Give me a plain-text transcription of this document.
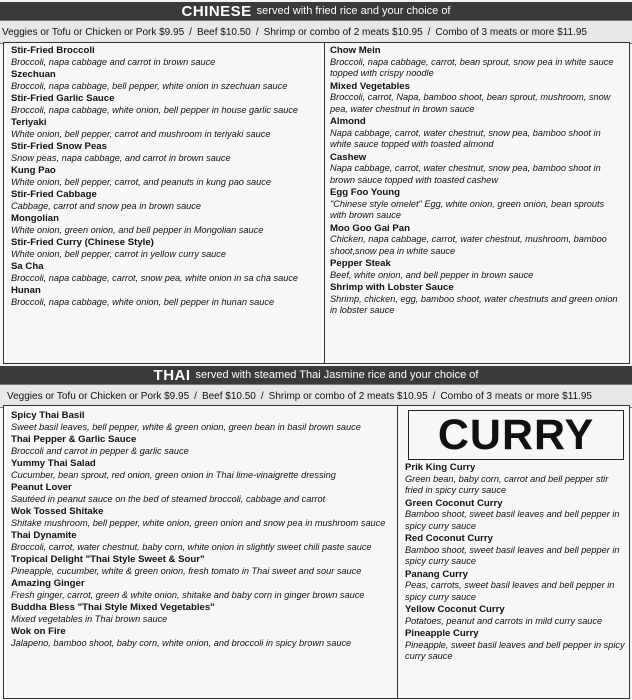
CHINESE served with fried rice and your choice of
Veggies or Tofu or Chicken or Pork $9.95 / Beef $10.50 / Shrimp or combo of 2 meats $10.95 / Combo of 3 meats or more $11.95
Stir-Fried Broccoli
Broccoli, napa cabbage and carrot in brown sauce
Szechuan
Broccoli, napa cabbage, bell pepper, white onion in szechuan sauce
Stir-Fried Garlic Sauce
Broccoli, napa cabbage, white onion, bell pepper in house garlic sauce
Teriyaki
White onion, bell pepper, carrot and mushroom in teriyaki sauce
Stir-Fried Snow Peas
Snow peas, napa cabbage, and carrot in brown sauce
Kung Pao
White onion, bell pepper, carrot, and peanuts in kung pao sauce
Stir-Fried Cabbage
Cabbage, carrot and snow pea in brown sauce
Mongolian
White onion, green onion, and bell pepper in Mongolian sauce
Stir-Fried Curry (Chinese Style)
White onion, bell pepper, carrot in yellow curry sauce
Sa Cha
Broccoli, napa cabbage, carrot, snow pea, white onion in sa cha sauce
Hunan
Broccoli, napa cabbage, white onion, bell pepper in hunan sauce
Chow Mein
Broccoli, napa cabbage, carrot, bean sprout, snow pea in white sauce topped with crispy noodle
Mixed Vegetables
Broccoli, carrot, Napa, bamboo shoot, bean sprout, mushroom, snow pea, water chestnut in brown sauce
Almond
Napa cabbage, carrot, water chestnut, snow pea, bamboo shoot in white sauce topped with toasted almond
Cashew
Napa cabbage, carrot, water chestnut, snow pea, bamboo shoot in brown sauce topped with toasted cashew
Egg Foo Young
"Chinese style omelet" Egg, white onion, green onion, bean sprouts with brown sauce
Moo Goo Gai Pan
Chicken, napa cabbage, carrot, water chestnut, mushroom, bamboo shoot,snow pea in white sauce
Pepper Steak
Beef, white onion, and bell pepper in brown sauce
Shrimp with Lobster Sauce
Shrimp, chicken, egg, bamboo shoot, water chestnuts and green onion in lobster sauce
THAI served with steamed Thai Jasmine rice and your choice of
Veggies or Tofu or Chicken or Pork $9.95 / Beef $10.50 / Shrimp or combo of 2 meats $10.95 / Combo of 3 meats or more $11.95
Spicy Thai Basil
Sweet basil leaves, bell pepper, white & green onion, green bean in basil brown sauce
Thai Pepper & Garlic Sauce
Broccoli and carrot in pepper & garlic sauce
Yummy Thai Salad
Cucumber, bean sprout, red onion, green onion in Thai lime-vinaigrette dressing
Peanut Lover
Sautéed in peanut sauce on the bed of steamed broccoli, cabbage and carrot
Wok Tossed Shitake
Shitake mushroom, bell pepper, white onion, green onion and snow pea in mushroom sauce
Thai Dynamite
Broccoli, carrot, water chestnut, baby corn, white onion in slightly sweet chili paste sauce
Tropical Delight "Thai Style Sweet & Sour"
Pineapple, cucumber, white & green onion, fresh tomato in Thai sweet and sour sauce
Amazing Ginger
Fresh ginger, carrot, green & white onion, shitake and baby corn in ginger brown sauce
Buddha Bless "Thai Style Mixed Vegetables"
Mixed vegetables in Thai brown sauce
Wok on Fire
Jalapeno, bamboo shoot, baby corn, white onion, and broccoli in spicy brown sauce
CURRY
Prik King Curry
Green bean, baby corn, carrot and bell pepper stir fried in spicy curry sauce
Green Coconut Curry
Bamboo shoot, sweet basil leaves and bell pepper in spicy curry sauce
Red Coconut Curry
Bamboo shoot, sweet basil leaves and bell pepper in spicy curry sauce
Panang Curry
Peas, carrots, sweet basil leaves and bell pepper in spicy curry sauce
Yellow Coconut Curry
Potatoes, peanut and carrots in mild curry sauce
Pineapple Curry
Pineapple, sweet basil leaves and bell pepper in spicy curry sauce
